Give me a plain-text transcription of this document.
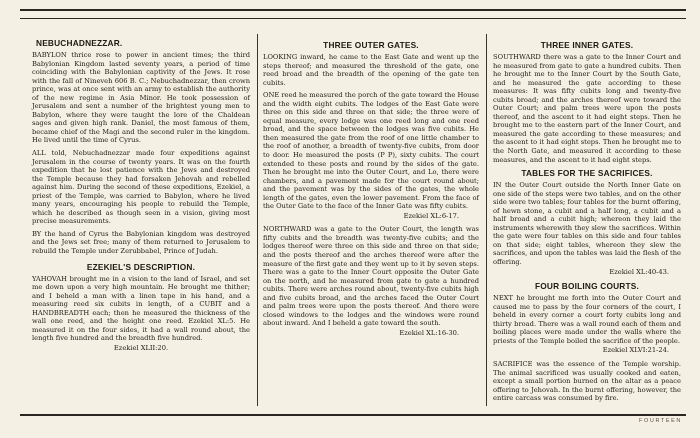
NEBUCHADNEZZAR.

BABYLON thrice rose to power in ancient times; the third Babylonian Kingdom lasted seventy years, a period of time coinciding with the Babylonian captivity of the Jews. It rose with the fall of Nineveh 606 B. C.; Nebuchadnezzar, then crown prince, was at once sent with an army to establish the authority of the new regime in Asia Minor. He took possession of Jerusalem and sent a number of the brightest young men to Babylon, where they were taught the lore of the Chaldean sages and given high rank. Daniel, the most famous of them, became chief of the Magi and the second ruler in the kingdom. He lived until the time of Cyrus.

ALL told, Nebuchadnezzar made four expeditions against Jerusalem in the course of twenty years. It was on the fourth expedition that he lost patience with the Jews and destroyed the Temple because they had forsaken Jehovah and rebelled against him. During the second of these expeditions, Ezekiel, a priest of the Temple, was carried to Babylon, where he lived many years, encouraging his people to rebuild the Temple, which he described as though seen in a vision, giving most precise measurements.

BY the hand of Cyrus the Babylonian kingdom was destroyed and the Jews set free; many of them returned to Jerusalem to rebuild the Temple under Zerubbabel, Prince of Judah.

EZEKIEL'S DESCRIPTION.

YAHOVAH brought me in a vision to the land of Israel, and set me down upon a very high mountain. He brought me thither; and I beheld a man with a linen tape in his hand, and a measuring reed six cubits in length, of a CUBIT and a HANDBREADTH each; then he measured the thickness of the wall one reed, and the height one reed. Ezekiel XL:5. He measured it on the four sides, it had a wall round about, the length five hundred and the breadth five hundred.

Ezekiel XLII:20.
THREE OUTER GATES.

LOOKING inward, he came to the East Gate and went up the steps thereof; and measured the threshold of the gate, one reed broad and the breadth of the opening of the gate ten cubits.

ONE reed he measured the porch of the gate toward the House and the width eight cubits. The lodges of the East Gate were three on this side and three on that side; the three were of equal measure, every lodge was one reed long and one reed broad, and the space between the lodges was five cubits. He then measured the gate from the roof of one little chamber to the roof of another, a breadth of twenty-five cubits, from door to door. He measured the posts (P P), sixty cubits. The court extended to these posts and round by the sides of the gate. Then he brought me into the Outer Court, and Lo, there were chambers, and a pavement made for the court round about; and the pavement was by the sides of the gates, the whole length of the gates, even the lower pavement. From the face of the Outer Gate to the face of the Inner Gate was fifty cubits.

Ezekiel XL:6-17.

NORTHWARD was a gate to the Outer Court, the length was fifty cubits and the breadth was twenty-five cubits; and the lodges thereof were three on this side and three on that side; and the posts thereof and the arches thereof were after the measure of the first gate and they went up to it by seven steps. There was a gate to the Inner Court opposite the Outer Gate on the north, and he measured from gate to gate a hundred cubits. There were arches round about, twenty-five cubits high and five cubits broad, and the arches faced the Outer Court and palm trees were upon the posts thereof. And there were closed windows to the lodges and the windows were round about inward. And I beheld a gate toward the south.

Ezekiel XL:16-30.
THREE INNER GATES.

SOUTHWARD there was a gate to the Inner Court and he measured from gate to gate a hundred cubits. Then he brought me to the Inner Court by the South Gate, and he measured the gate according to these measures: It was fifty cubits long and twenty-five cubits broad; and the arches thereof were toward the Outer Court; and palm trees were upon the posts thereof, and the ascent to it had eight steps. Then he brought me to the eastern part of the Inner Court, and measured the gate according to these measures; and the ascent to it had eight steps. Then he brought me to the North Gate, and measured it according to these measures, and the ascent to it had eight steps.

TABLES FOR THE SACRIFICES.

IN the Outer Court outside the North Inner Gate on one side of the steps were two tables, and on the other side were two tables; four tables for the burnt offering, of hewn stone, a cubit and a half long, a cubit and a half broad and a cubit high; whereon they laid the instruments wherewith they slew the sacrifices. Within the gate were four tables on this side and four tables on that side; eight tables, whereon they slew the sacrifices, and upon the tables was laid the flesh of the offering.

Ezekiel XL:40-43.
FOUR BOILING COURTS.

NEXT he brought me forth into the Outer Court and caused me to pass by the four corners of the court, I beheld in every corner a court forty cubits long and thirty broad. There was a wall round each of them and boiling places were made under the walls where the priests of the Temple boiled the sacrifice of the people.

Ezekiel XLVI:21-24.

SACRIFICE was the essence of the Temple worship. The animal sacrificed was usually cooked and eaten, except a small portion burned on the altar as a peace offering to Jehovah. In the burnt offering, however, the entire carcass was consumed by fire.

FOURTEEN
